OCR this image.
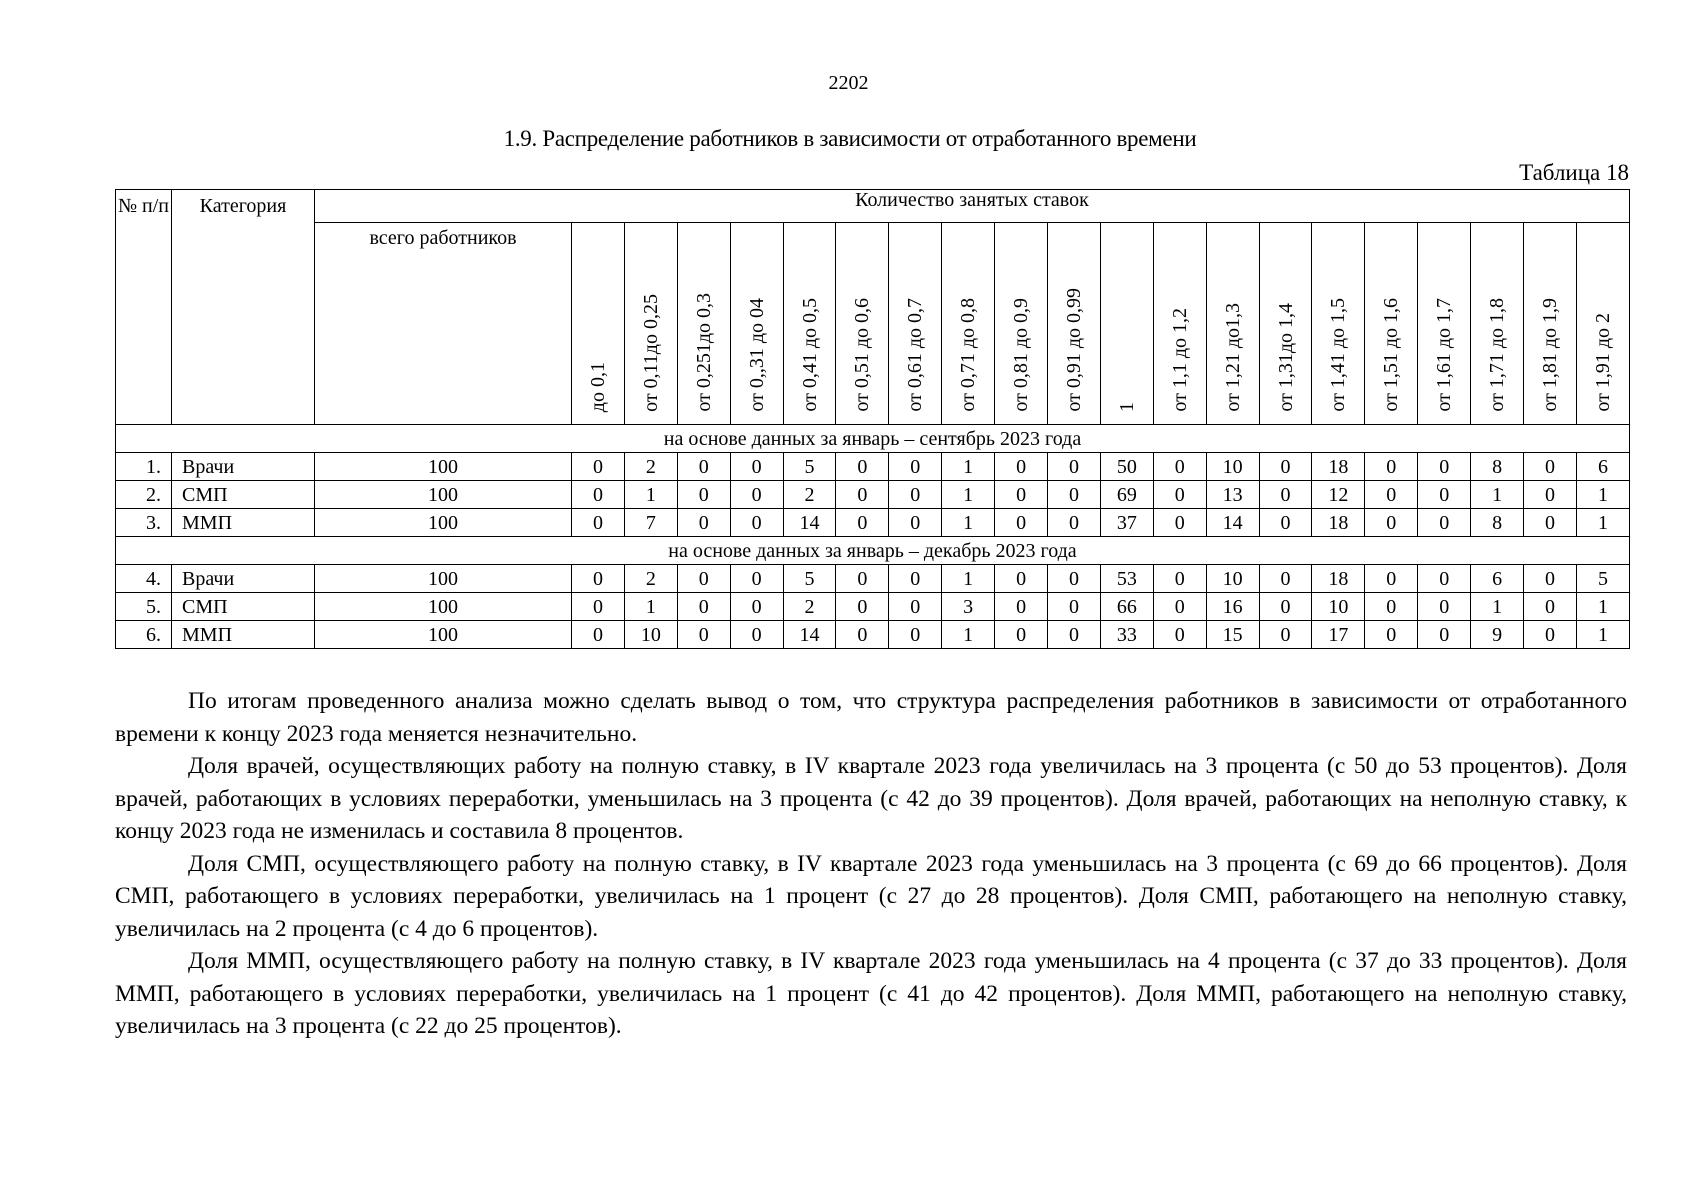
2202
1.9. Распределение работников в зависимости от отработанного времени
Таблица 18
№ п/п	Категория	Количество занятых ставок																				
		всего работников	до 0,1	от 0,11до 0,25	от 0,251до 0,3	от 0,,31 до 04	от 0,41 до 0,5	от 0,51 до 0,6	от 0,61 до 0,7	от 0,71 до 0,8	от 0,81 до 0,9	от 0,91 до 0,99	1	от 1,1 до 1,2	от 1,21 до1,3	от 1,31до 1,4	от 1,41 до 1,5	от 1,51 до 1,6	от 1,61 до 1,7	от 1,71 до 1,8	от 1,81 до 1,9	от 1,91 до 2
на основе данных за январь – сентябрь 2023 года																						
1.	Врачи	100	0	2	0	0	5	0	0	1	0	0	50	0	10	0	18	0	0	8	0	6
2.	СМП	100	0	1	0	0	2	0	0	1	0	0	69	0	13	0	12	0	0	1	0	1
3.	ММП	100	0	7	0	0	14	0	0	1	0	0	37	0	14	0	18	0	0	8	0	1
на основе данных за январь – декабрь 2023 года																						
4.	Врачи	100	0	2	0	0	5	0	0	1	0	0	53	0	10	0	18	0	0	6	0	5
5.	СМП	100	0	1	0	0	2	0	0	3	0	0	66	0	16	0	10	0	0	1	0	1
6.	ММП	100	0	10	0	0	14	0	0	1	0	0	33	0	15	0	17	0	0	9	0	1

По итогам проведенного анализа можно сделать вывод о том, что структура распределения работников в зависимости от отработанного времени к концу 2023 года меняется незначительно.

Доля врачей, осуществляющих работу на полную ставку, в IV квартале 2023 года увеличилась на 3 процента (с 50 до 53 процентов). Доля врачей, работающих в условиях переработки, уменьшилась на 3 процента (с 42 до 39 процентов). Доля врачей, работающих на неполную ставку, к концу 2023 года не изменилась и составила 8 процентов.

Доля СМП, осуществляющего работу на полную ставку, в IV квартале 2023 года уменьшилась на 3 процента (с 69 до 66 процентов). Доля СМП, работающего в условиях переработки, увеличилась на 1 процент (с 27 до 28 процентов). Доля СМП, работающего на неполную ставку, увеличилась на 2 процента (с 4 до 6 процентов).

Доля ММП, осуществляющего работу на полную ставку, в IV квартале 2023 года уменьшилась на 4 процента (с 37 до 33 процентов). Доля ММП, работающего в условиях переработки, увеличилась на 1 процент (с 41 до 42 процентов). Доля ММП, работающего на неполную ставку, увеличилась на 3 процента (с 22 до 25 процентов).
